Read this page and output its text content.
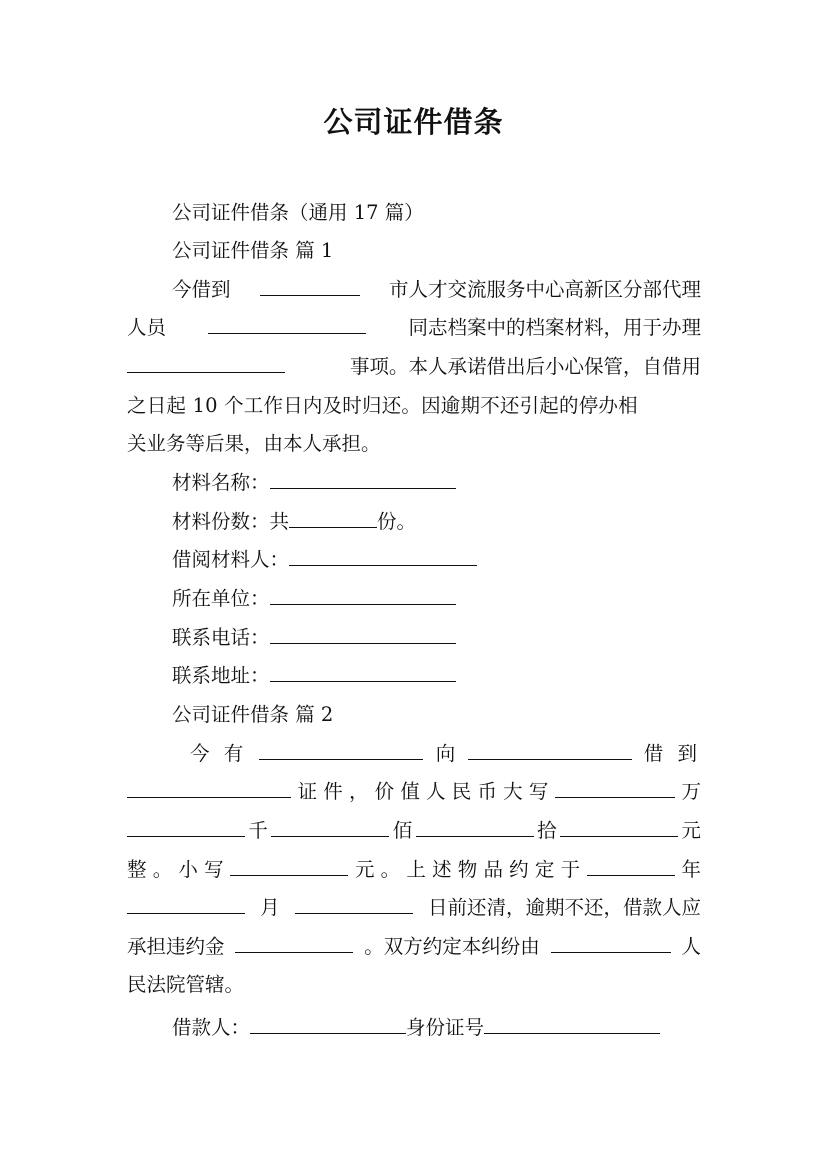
公司证件借条
公司证件借条（通用 17 篇）
公司证件借条 篇 1
今借到	市人才交流服务中心高新区分部代理
人员	同志档案中的档案材料，用于办理
事项。本人承诺借出后小心保管，自借用
之日起 10 个工作日内及时归还。因逾期不还引起的停办相
关业务等后果，由本人承担。
材料名称：
材料份数：共	份。
借阅材料人：
所在单位：
联系电话：
联系地址：
公司证件借条 篇 2
今 有	向	借 到
证 件 ， 价 值 人 民 币 大 写	万
千	佰	拾	元
整 。 小 写	元 。 上 述 物 品 约 定 于	年
月	日前还清，逾期不还，借款人应
承担违约金	。双方约定本纠纷由	人
民法院管辖。
借款人：	身份证号
